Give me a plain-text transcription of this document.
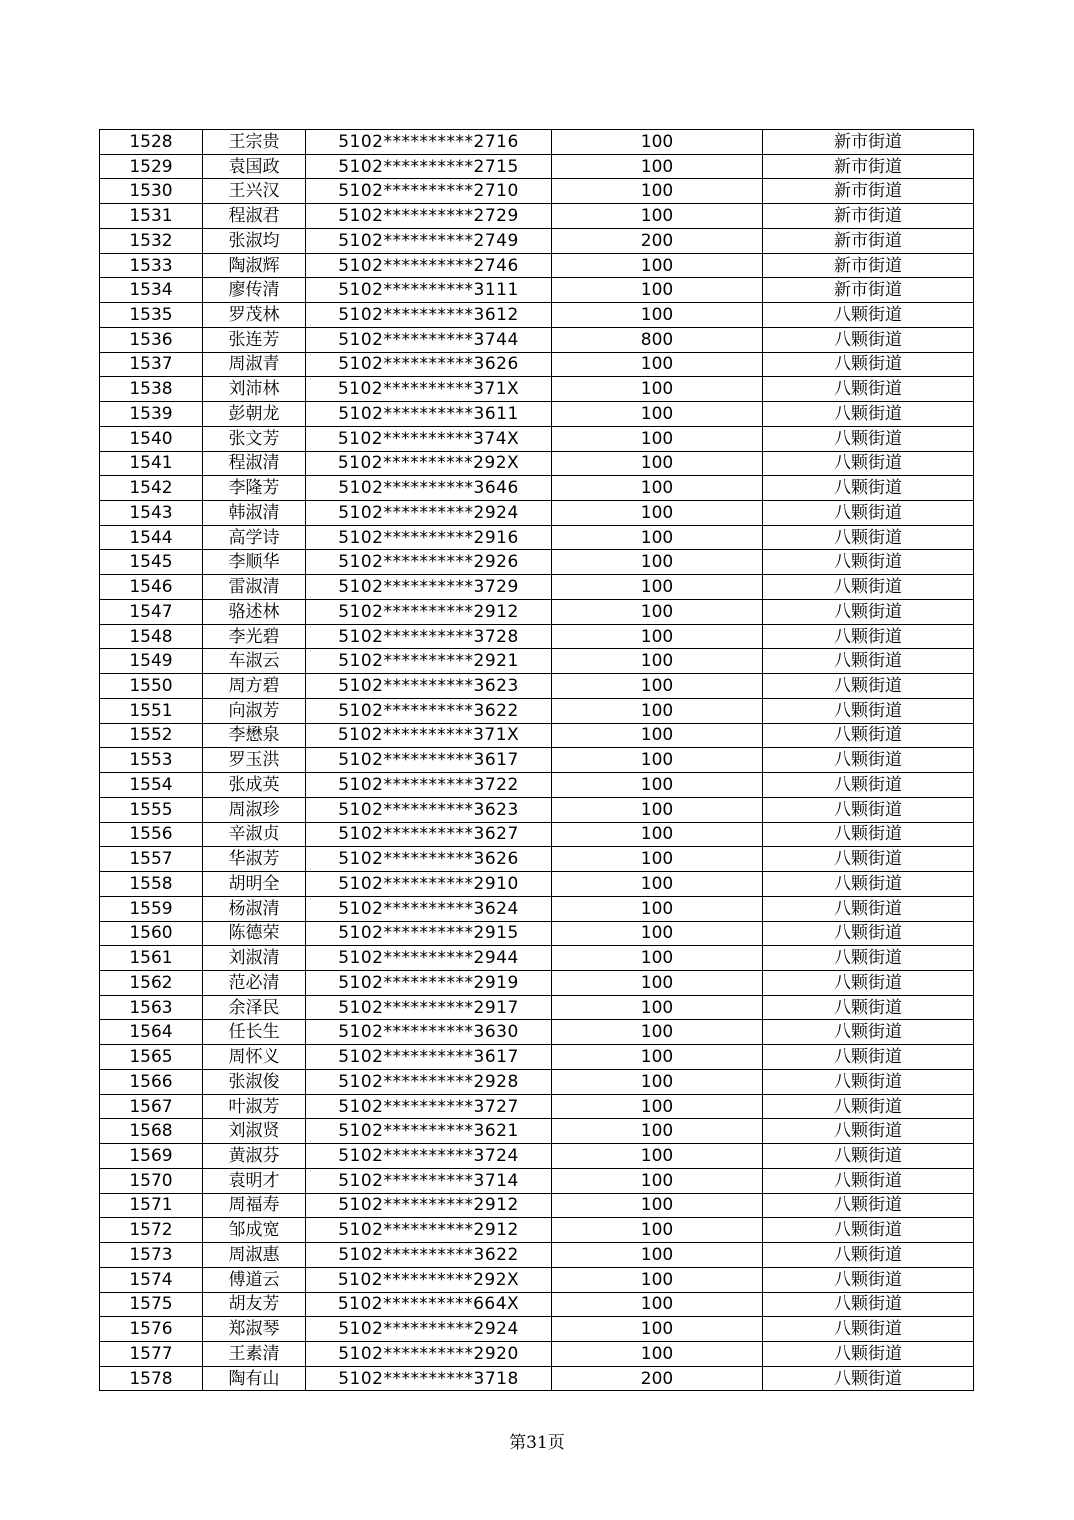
1528	王宗贵	5102**********2716	100	新市街道
1529	袁国政	5102**********2715	100	新市街道
1530	王兴汉	5102**********2710	100	新市街道
1531	程淑君	5102**********2729	100	新市街道
1532	张淑均	5102**********2749	200	新市街道
1533	陶淑辉	5102**********2746	100	新市街道
1534	廖传清	5102**********3111	100	新市街道
1535	罗茂林	5102**********3612	100	八颗街道
1536	张连芳	5102**********3744	800	八颗街道
1537	周淑青	5102**********3626	100	八颗街道
1538	刘沛林	5102**********371X	100	八颗街道
1539	彭朝龙	5102**********3611	100	八颗街道
1540	张文芳	5102**********374X	100	八颗街道
1541	程淑清	5102**********292X	100	八颗街道
1542	李隆芳	5102**********3646	100	八颗街道
1543	韩淑清	5102**********2924	100	八颗街道
1544	高学诗	5102**********2916	100	八颗街道
1545	李顺华	5102**********2926	100	八颗街道
1546	雷淑清	5102**********3729	100	八颗街道
1547	骆述林	5102**********2912	100	八颗街道
1548	李光碧	5102**********3728	100	八颗街道
1549	车淑云	5102**********2921	100	八颗街道
1550	周方碧	5102**********3623	100	八颗街道
1551	向淑芳	5102**********3622	100	八颗街道
1552	李懋泉	5102**********371X	100	八颗街道
1553	罗玉洪	5102**********3617	100	八颗街道
1554	张成英	5102**********3722	100	八颗街道
1555	周淑珍	5102**********3623	100	八颗街道
1556	辛淑贞	5102**********3627	100	八颗街道
1557	华淑芳	5102**********3626	100	八颗街道
1558	胡明全	5102**********2910	100	八颗街道
1559	杨淑清	5102**********3624	100	八颗街道
1560	陈德荣	5102**********2915	100	八颗街道
1561	刘淑清	5102**********2944	100	八颗街道
1562	范必清	5102**********2919	100	八颗街道
1563	余泽民	5102**********2917	100	八颗街道
1564	任长生	5102**********3630	100	八颗街道
1565	周怀义	5102**********3617	100	八颗街道
1566	张淑俊	5102**********2928	100	八颗街道
1567	叶淑芳	5102**********3727	100	八颗街道
1568	刘淑贤	5102**********3621	100	八颗街道
1569	黄淑芬	5102**********3724	100	八颗街道
1570	袁明才	5102**********3714	100	八颗街道
1571	周福寿	5102**********2912	100	八颗街道
1572	邹成宽	5102**********2912	100	八颗街道
1573	周淑惠	5102**********3622	100	八颗街道
1574	傅道云	5102**********292X	100	八颗街道
1575	胡友芳	5102**********664X	100	八颗街道
1576	郑淑琴	5102**********2924	100	八颗街道
1577	王素清	5102**********2920	100	八颗街道
1578	陶有山	5102**********3718	200	八颗街道
第31页
